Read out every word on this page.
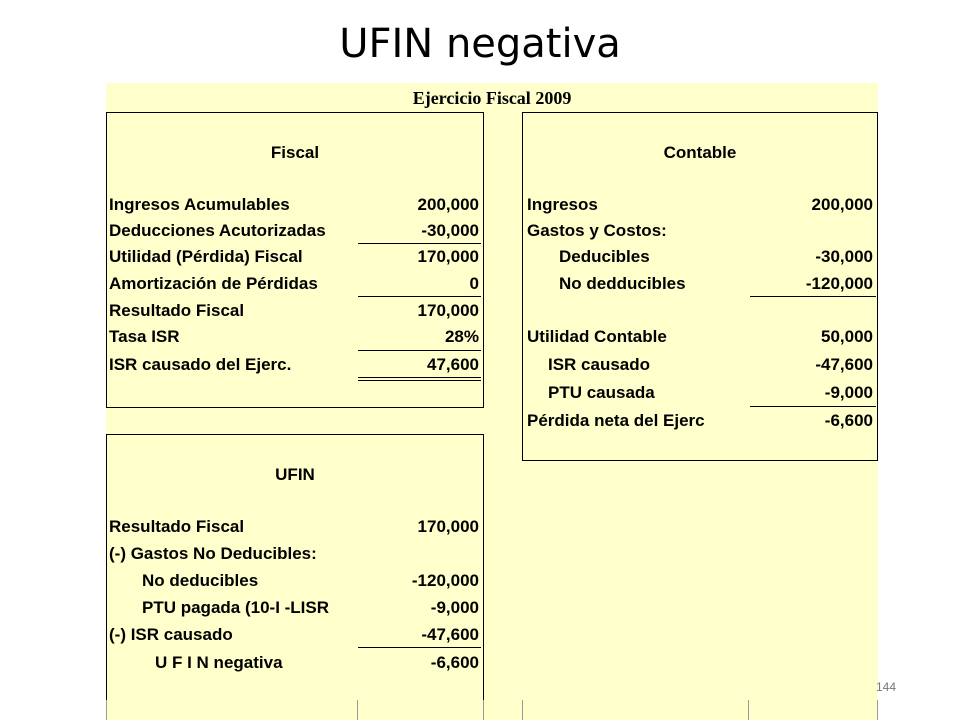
UFIN negativa
Ejercicio Fiscal 2009
Fiscal
Ingresos Acumulables	200,000
Deducciones Acutorizadas	-30,000
Utilidad (Pérdida) Fiscal	170,000
Amortización de Pérdidas	0
Resultado Fiscal	170,000
Tasa ISR	28%
ISR causado del Ejerc.	47,600
Contable
Ingresos	200,000
Gastos y Costos:
Deducibles	-30,000
No dedducibles	-120,000
Utilidad Contable	50,000
ISR causado	-47,600
PTU causada	-9,000
Pérdida neta del Ejerc	-6,600
UFIN
Resultado Fiscal	170,000
(-) Gastos No Deducibles:
No deducibles	-120,000
PTU pagada (10-I -LISR	-9,000
(-) ISR causado	-47,600
U F I N negativa	-6,600
144
